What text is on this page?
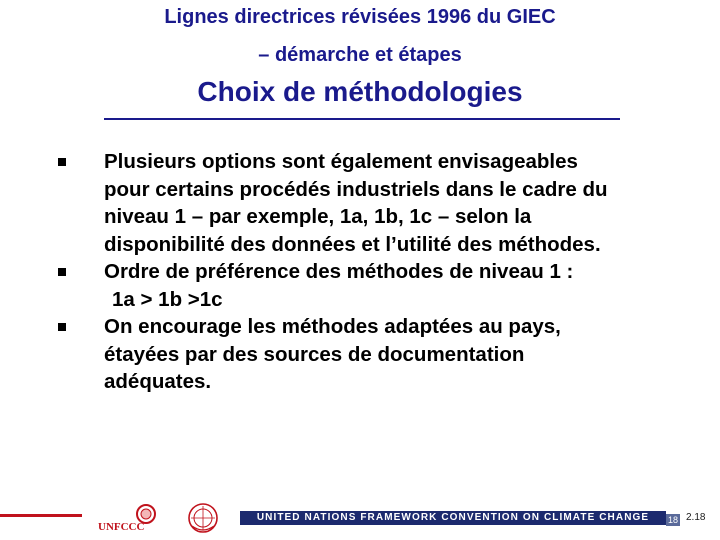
Lignes directrices révisées 1996 du GIEC
– démarche et étapes
Choix de méthodologies
Plusieurs options sont également envisageables
pour certains procédés industriels dans le cadre du
niveau 1 – par exemple, 1a, 1b, 1c – selon la
disponibilité des données et l’utilité des méthodes.
Ordre de préférence des méthodes de niveau 1 :
1a > 1b >1c
On encourage les méthodes adaptées au pays,
étayées par des sources de documentation
adéquates.
UNFCCC
UNITED NATIONS FRAMEWORK CONVENTION ON CLIMATE CHANGE	18 2.18
